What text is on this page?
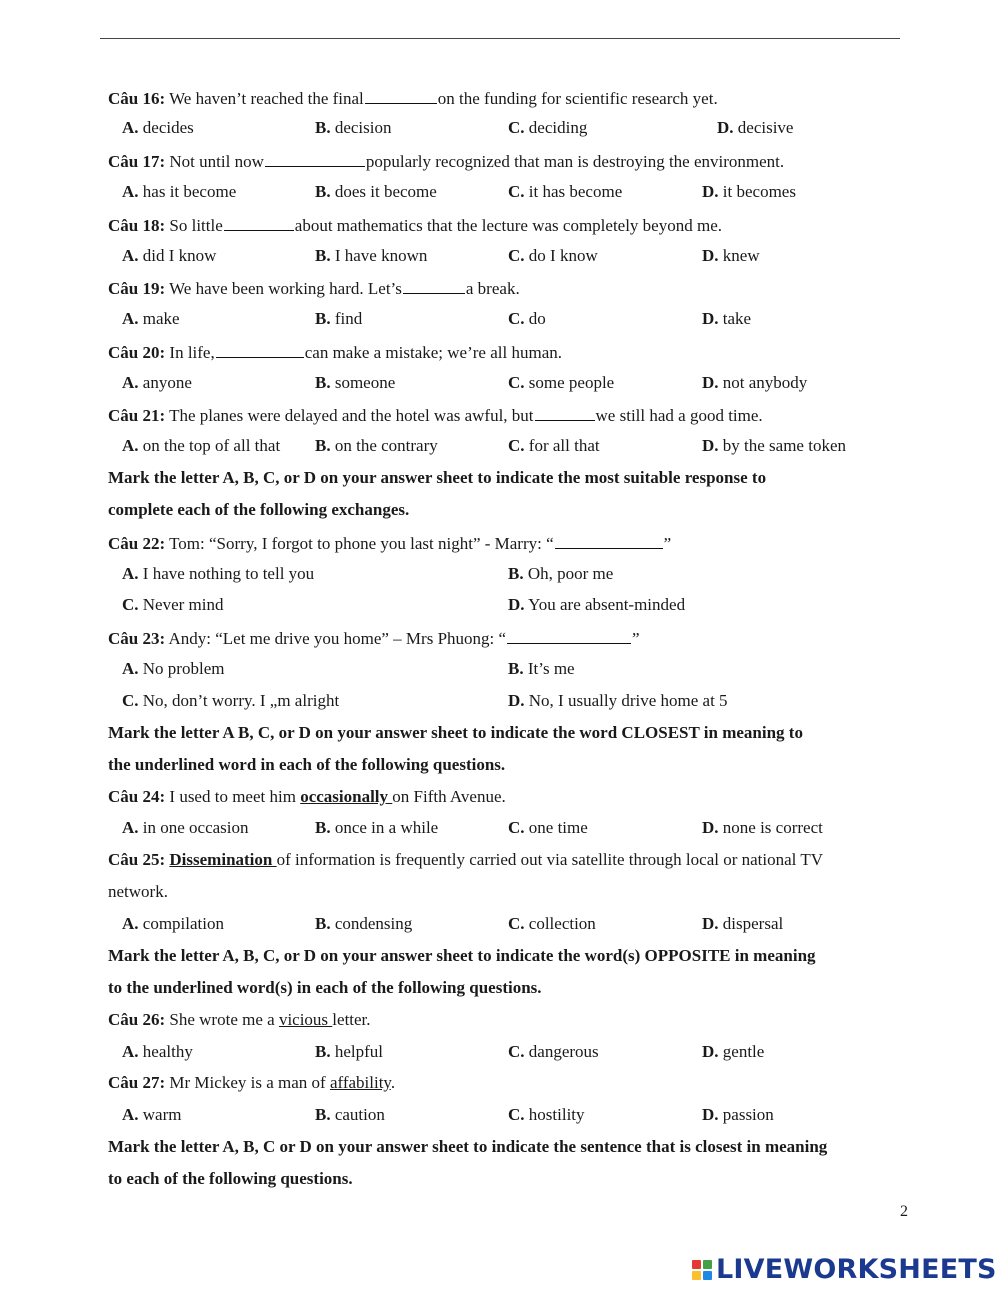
Câu 16: We haven’t reached the final	on the funding for scientific research yet.
A. decides	B. decision	C. deciding	D. decisive
Câu 17: Not until now	popularly recognized that man is destroying the environment.
A. has it become	B. does it become	C. it has become	D. it becomes
Câu 18: So little	about mathematics that the lecture was completely beyond me.
A. did I know	B. I have known	C. do I know	D. knew
Câu 19: We have been working hard. Let’s	a break.
A. make	B. find	C. do	D. take
Câu 20: In life,	can make a mistake; we’re all human.
A. anyone	B. someone	C. some people	D. not anybody
Câu 21: The planes were delayed and the hotel was awful, but	we still had a good time.
A. on the top of all that B. on the contrary	C. for all that	D. by the same token
Mark the letter A, B, C, or D on your answer sheet to indicate the most suitable response to
complete each of the following exchanges.
Câu 22: Tom: “Sorry, I forgot to phone you last night” - Marry: “	”
A. I have nothing to tell you	B. Oh, poor me
C. Never mind	D. You are absent-minded
Câu 23: Andy: “Let me drive you home” – Mrs Phuong: “	”
A. No problem	B. It’s me
C. No, don’t worry. I „m alright	D. No, I usually drive home at 5
Mark the letter A B, C, or D on your answer sheet to indicate the word CLOSEST in meaning to
the underlined word in each of the following questions.
Câu 24: I used to meet him occasionally on Fifth Avenue.
A. in one occasion	B. once in a while	C. one time	D. none is correct
Câu 25: Dissemination of information is frequently carried out via satellite through local or national TV
network.
A. compilation	B. condensing	C. collection	D. dispersal
Mark the letter A, B, C, or D on your answer sheet to indicate the word(s) OPPOSITE in meaning
to the underlined word(s) in each of the following questions.
Câu 26: She wrote me a vicious letter.
A. healthy	B. helpful	C. dangerous	D. gentle
Câu 27: Mr Mickey is a man of affability.
A. warm	B. caution	C. hostility	D. passion
Mark the letter A, B, C or D on your answer sheet to indicate the sentence that is closest in meaning
to each of the following questions.
2
LIVEWORKSHEETS
